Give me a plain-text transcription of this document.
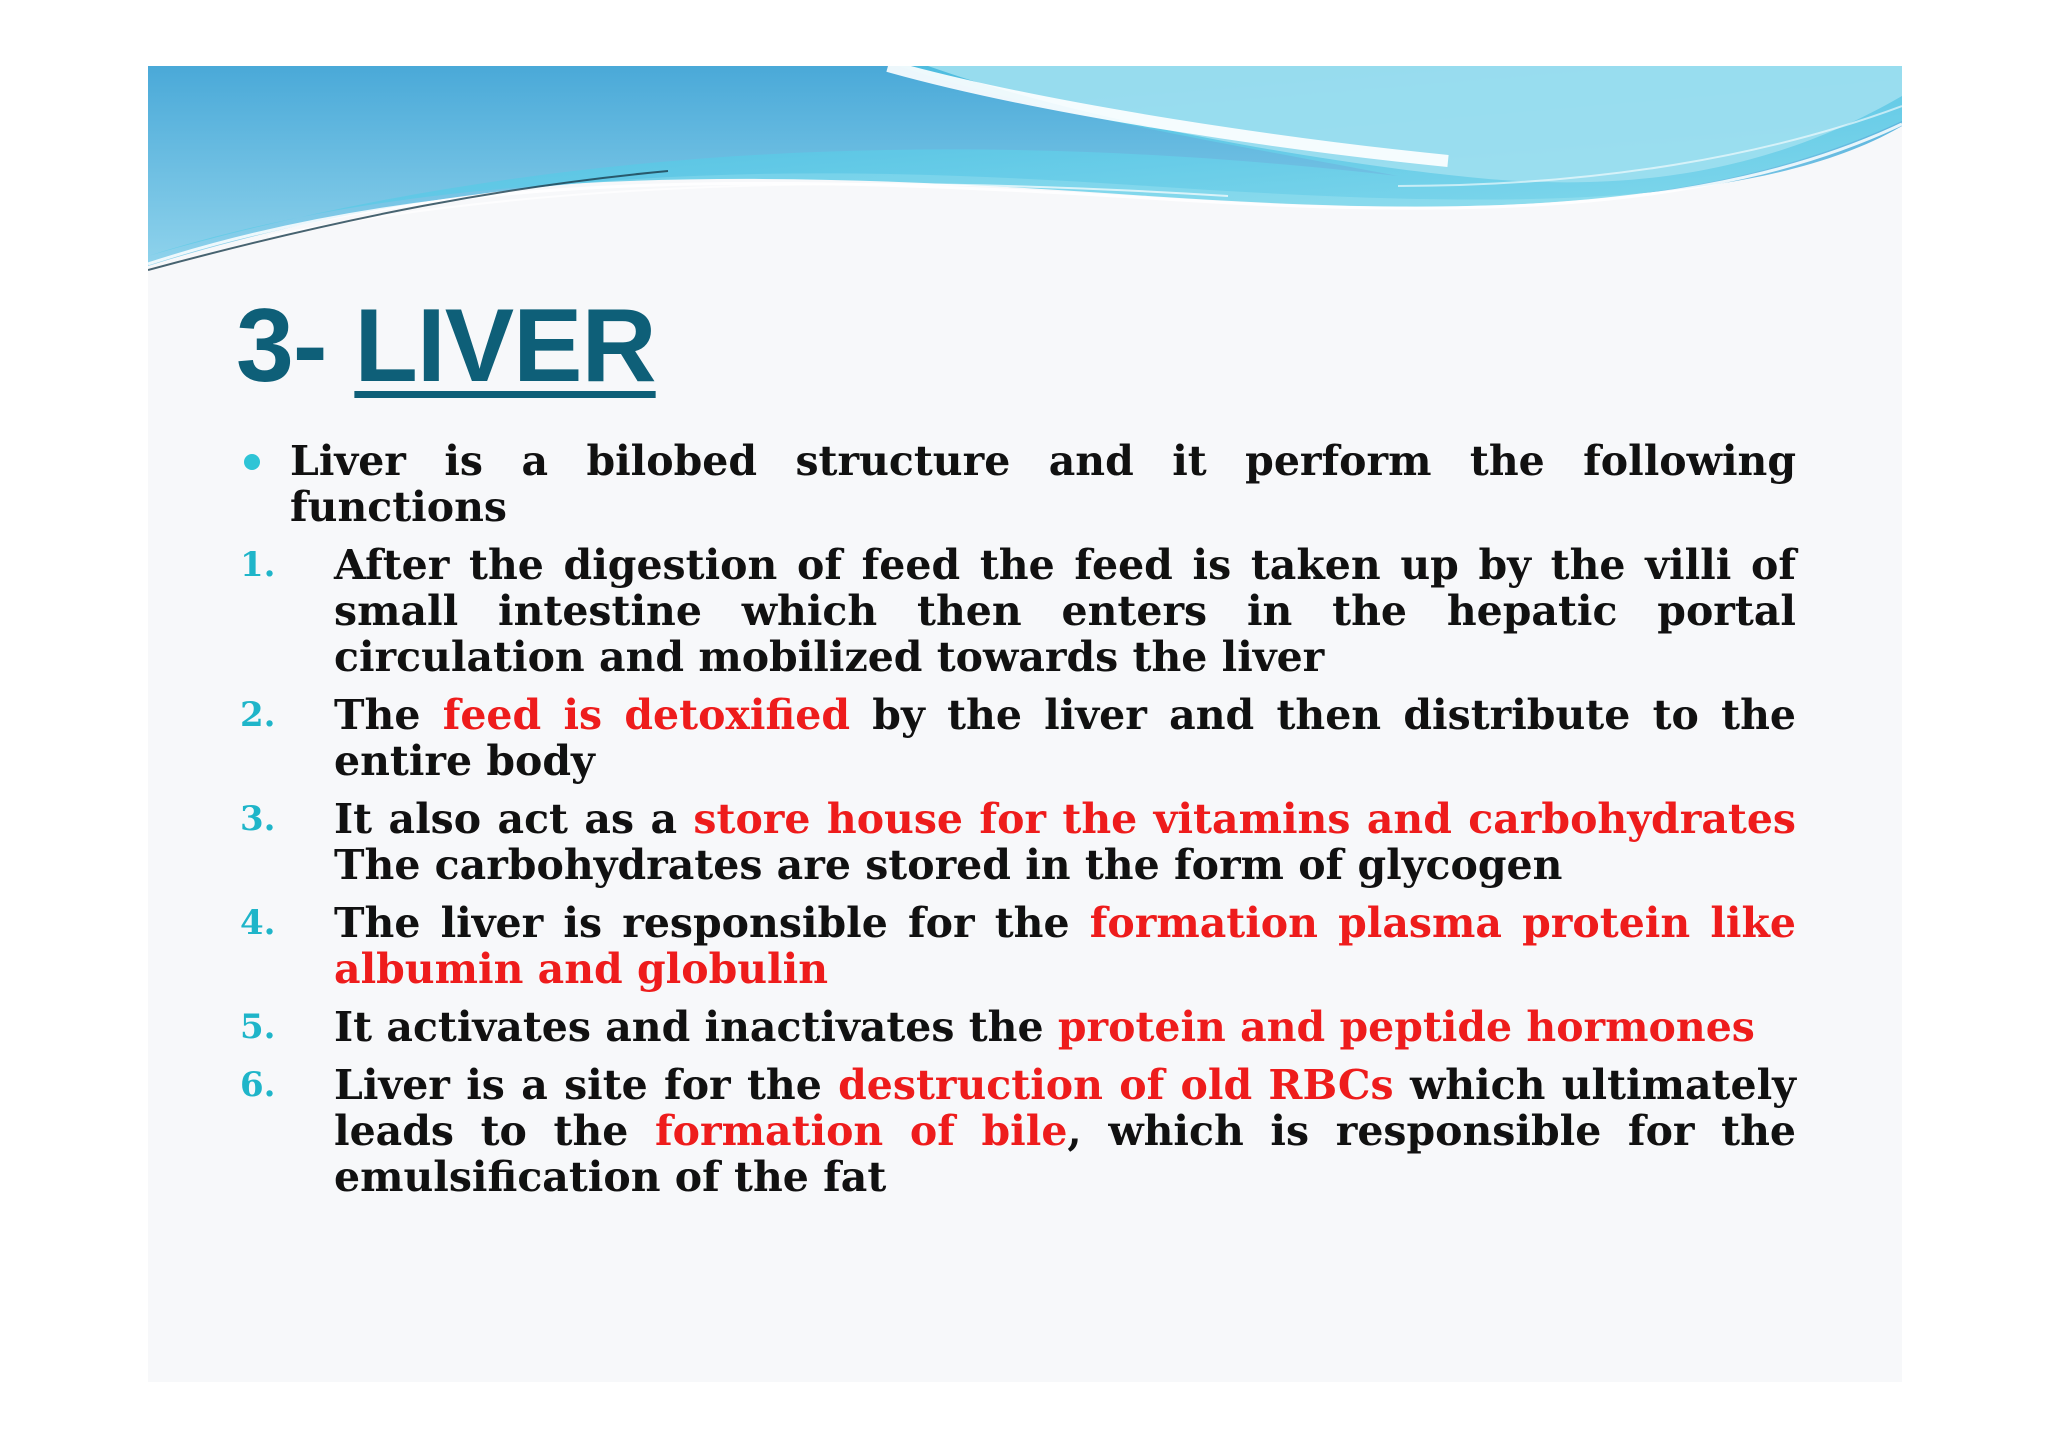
3- LIVER
Liver is a bilobed structure and it perform the following functions
1. After the digestion of feed the feed is taken up by the villi of small intestine which then enters in the hepatic portal circulation and mobilized towards the liver
2. The feed is detoxified by the liver and then distribute to the entire body
3. It also act as a store house for the vitamins and carbohydrates The carbohydrates are stored in the form of glycogen
4. The liver is responsible for the formation plasma protein like albumin and globulin
5. It activates and inactivates the protein and peptide hormones
6. Liver is a site for the destruction of old RBCs which ultimately leads to the formation of bile, which is responsible for the emulsification of the fat
